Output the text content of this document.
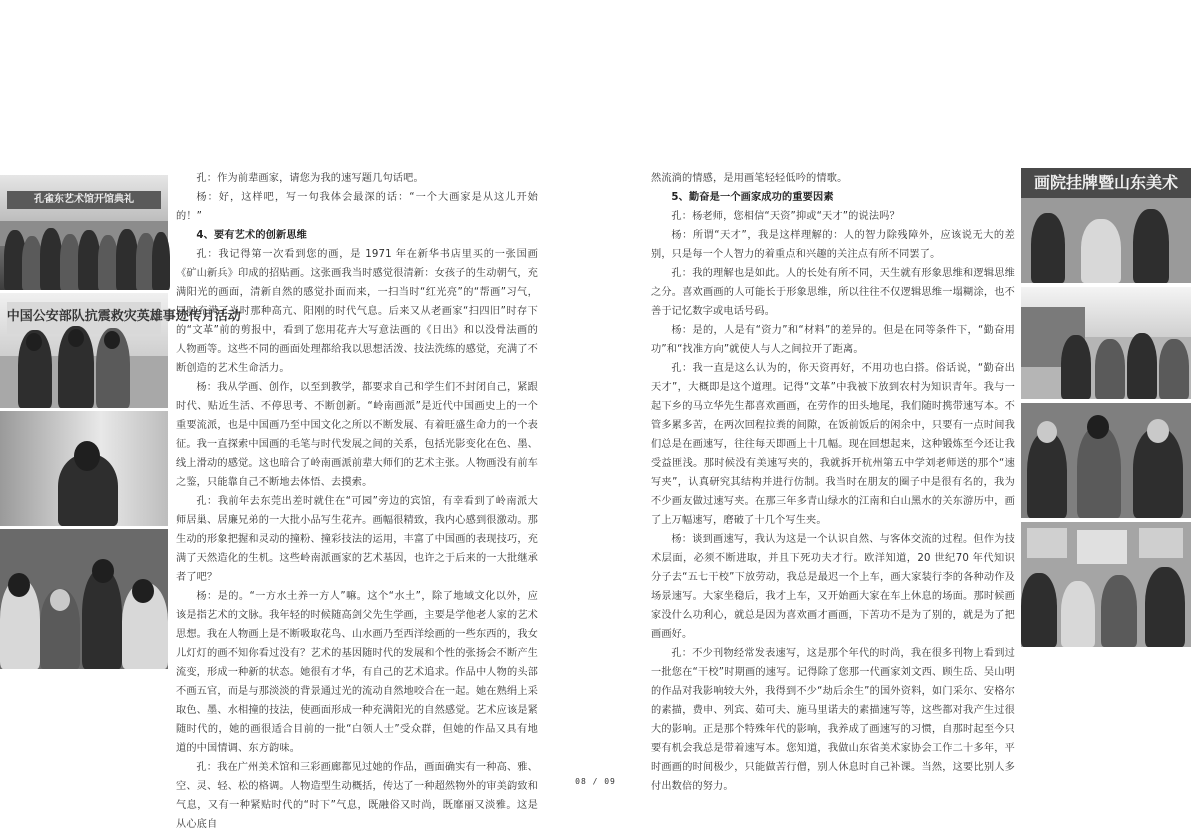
孔雀东艺术馆开馆典礼
中国公安部队抗震救灾英雄事迹传月活动

孔：作为前辈画家，请您为我的速写题几句话吧。

杨：好，这样吧，写一句我体会最深的话：“一个大画家是从这儿开始的！”

4、要有艺术的创新思维

孔：我记得第一次看到您的画，是 1971 年在新华书店里买的一张国画《矿山新兵》印成的招贴画。这张画我当时感觉很清新：女孩子的生动朝气，充满阳光的画面，清新自然的感觉扑面而来，一扫当时“红光亮”的“帮画”习气，同时充满了当时那种高亢、阳刚的时代气息。后来又从老画家“扫四旧”时存下的“文革”前的剪报中，看到了您用花卉大写意法画的《日出》和以没骨法画的人物画等。这些不同的画面处理都给我以思想活泼、技法洗练的感觉，充满了不断创造的艺术生命活力。

杨：我从学画、创作，以至到教学，都要求自己和学生们不封闭自己，紧跟时代、贴近生活、不停思考、不断创新。“岭南画派”是近代中国画史上的一个重要流派，也是中国画乃至中国文化之所以不断发展、有着旺盛生命力的一个表征。我一直探索中国画的毛笔与时代发展之间的关系，包括光影变化在色、墨、线上滑动的感觉。这也暗合了岭南画派前辈大师们的艺术主张。人物画没有前车之鉴，只能靠自己不断地去体悟、去摸索。

孔：我前年去东莞出差时就住在“可园”旁边的宾馆，有幸看到了岭南派大师居巢、居廉兄弟的一大批小品写生花卉。画幅很精致，我内心感到很激动。那生动的形象把握和灵动的撞粉、撞彩技法的运用，丰富了中国画的表现技巧，充满了天然造化的生机。这些岭南派画家的艺术基因，也许之于后来的一大批继承者了吧？

杨：是的。“一方水土养一方人”嘛。这个“水土”，除了地域文化以外，应该是指艺术的文脉。我年轻的时候随高剑父先生学画，主要是学他老人家的艺术思想。我在人物画上是不断吸取花鸟、山水画乃至西洋绘画的一些东西的，我女儿灯灯的画不知你看过没有？艺术的基因随时代的发展和个性的张扬会不断产生流变，形成一种新的状态。她很有才华，有自己的艺术追求。作品中人物的头部不画五官，而是与那淡淡的背景通过光的流动自然地咬合在一起。她在熟绢上采取色、墨、水相撞的技法，使画面形成一种充满阳光的自然感觉。艺术应该是紧随时代的，她的画很适合目前的一批“白领人士”受众群，但她的作品又具有地道的中国情调、东方韵味。

孔：我在广州美术馆和三彩画廊都见过她的作品，画面确实有一种高、雅、空、灵、轻、松的格调。人物造型生动概括，传达了一种超然物外的审美韵致和气息，又有一种紧贴时代的“时下”气息，既融俗又时尚，既靡丽又淡雅。这是从心底自

然流淌的情感，是用画笔轻轻低吟的情歌。

5、勤奋是一个画家成功的重要因素

孔：杨老师，您相信“天资”抑或“天才”的说法吗？

杨：所谓“天才”，我是这样理解的：人的智力除残障外，应该说无大的差别，只是每一个人智力的着重点和兴趣的关注点有所不同罢了。

孔：我的理解也是如此。人的长处有所不同，天生就有形象思维和逻辑思维之分。喜欢画画的人可能长于形象思维，所以往往不仅逻辑思维一塌糊涂，也不善于记忆数字或电话号码。

杨：是的，人是有“资力”和“材料”的差异的。但是在同等条件下，“勤奋用功”和“找准方向”就使人与人之间拉开了距离。

孔：我一直是这么认为的，你天资再好，不用功也白搭。俗话说，“勤奋出天才”，大概即是这个道理。记得“文革”中我被下放到农村为知识青年。我与一起下乡的马立华先生都喜欢画画，在劳作的田头地尾，我们随时携带速写本。不管多累多苦，在两次回程拉粪的间隙，在饭前饭后的闲余中，只要有一点时间我们总是在画速写，往往每天即画上十几幅。现在回想起来，这种锻炼至今还让我受益匪浅。那时候没有美速写夹的，我就拆开杭州第五中学刘老师送的那个“速写夹”，认真研究其结构并进行仿制。我当时在朋友的圈子中是很有名的，我为不少画友做过速写夹。在那三年多青山绿水的江南和白山黑水的关东游历中，画了上万幅速写，磨破了十几个写生夹。

杨：谈到画速写，我认为这是一个认识自然、与客体交流的过程。但作为技术层面，必须不断进取，并且下死功夫才行。欧洋知道，20 世纪70 年代知识分子去“五七干校”下放劳动，我总是最迟一个上车，画大家装行李的各种动作及场景速写。大家坐稳后，我才上车，又开始画大家在车上休息的场面。那时候画家没什么功利心，就总是因为喜欢画才画画，下苦功不是为了别的，就是为了把画画好。

孔：不少刊物经常发表速写，这是那个年代的时尚，我在很多刊物上看到过一批您在“干校”时期画的速写。记得除了您那一代画家刘文西、顾生岳、吴山明的作品对我影响较大外，我得到不少“劫后余生”的国外资料，如门采尔、安格尔的素描，费申、列宾、茹可夫、施马里诺夫的素描速写等，这些都对我产生过很大的影响。正是那个特殊年代的影响，我养成了画速写的习惯，自那时起至今只要有机会我总是带着速写本。您知道，我做山东省美术家协会工作二十多年，平时画画的时间极少，只能做苦行僧，别人休息时自己补课。当然，这要比别人多付出数倍的努力。

画院挂牌暨山东美术
08 / 09
